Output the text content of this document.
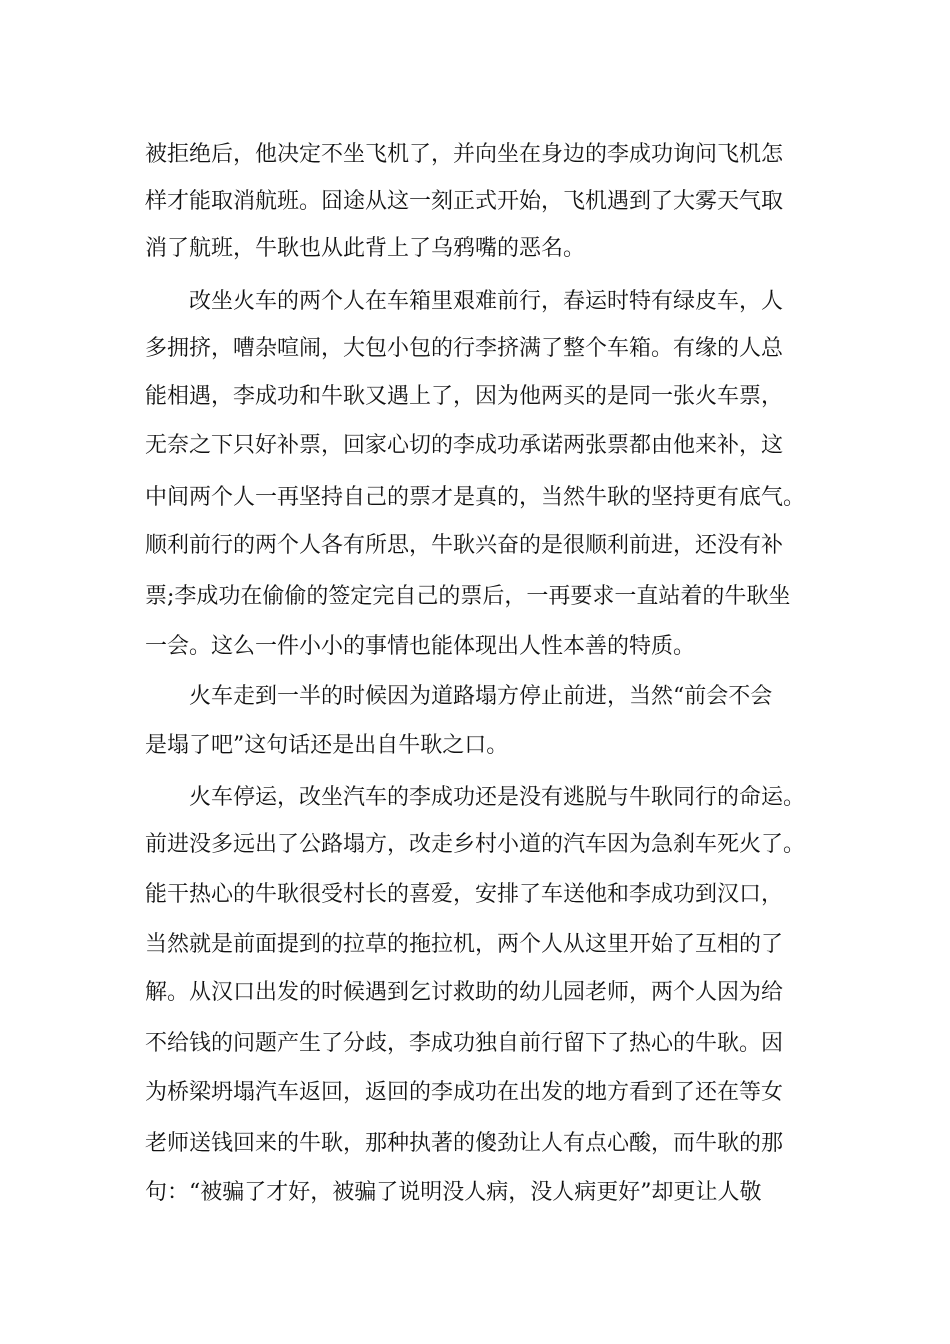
被拒绝后，他决定不坐飞机了，并向坐在身边的李成功询问飞机怎
样才能取消航班。囧途从这一刻正式开始，飞机遇到了大雾天气取
消了航班，牛耿也从此背上了乌鸦嘴的恶名。
改坐火车的两个人在车箱里艰难前行，春运时特有绿皮车，人
多拥挤，嘈杂喧闹，大包小包的行李挤满了整个车箱。有缘的人总
能相遇，李成功和牛耿又遇上了，因为他两买的是同一张火车票，
无奈之下只好补票，回家心切的李成功承诺两张票都由他来补，这
中间两个人一再坚持自己的票才是真的，当然牛耿的坚持更有底气。
顺利前行的两个人各有所思，牛耿兴奋的是很顺利前进，还没有补
票;李成功在偷偷的签定完自己的票后，一再要求一直站着的牛耿坐
一会。这么一件小小的事情也能体现出人性本善的特质。
火车走到一半的时候因为道路塌方停止前进，当然“前会不会
是塌了吧”这句话还是出自牛耿之口。
火车停运，改坐汽车的李成功还是没有逃脱与牛耿同行的命运。
前进没多远出了公路塌方，改走乡村小道的汽车因为急刹车死火了。
能干热心的牛耿很受村长的喜爱，安排了车送他和李成功到汉口，
当然就是前面提到的拉草的拖拉机，两个人从这里开始了互相的了
解。从汉口出发的时候遇到乞讨救助的幼儿园老师，两个人因为给
不给钱的问题产生了分歧，李成功独自前行留下了热心的牛耿。因
为桥梁坍塌汽车返回，返回的李成功在出发的地方看到了还在等女
老师送钱回来的牛耿，那种执著的傻劲让人有点心酸，而牛耿的那
句：“被骗了才好，被骗了说明没人病，没人病更好”却更让人敬
